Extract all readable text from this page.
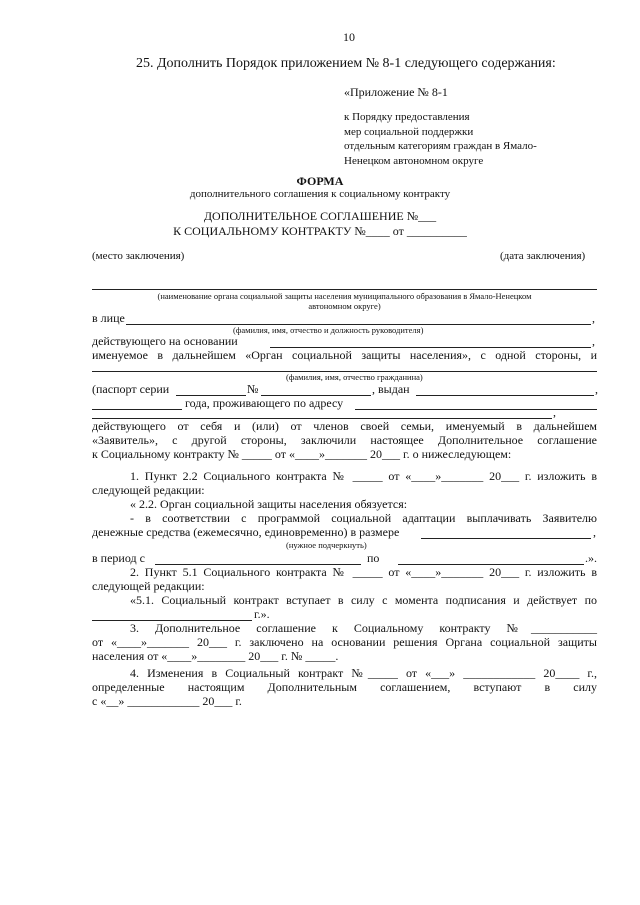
10
25. Дополнить Порядок приложением № 8-1 следующего содержания:
«Приложение № 8-1
к Порядку предоставления
мер социальной поддержки
отдельным категориям граждан в Ямало-
Ненецком автономном округе
ФОРМА
дополнительного соглашения к социальному контракту
ДОПОЛНИТЕЛЬНОЕ СОГЛАШЕНИЕ №___
К СОЦИАЛЬНОМУ КОНТРАКТУ №____ от __________
(место заключения)	(дата заключения)
(наименование органа социальной защиты населения муниципального образования в Ямало-Ненецком
автономном округе)
в лице	,
(фамилия, имя, отчество и должность руководителя)
действующего на основании	,
именуемое в дальнейшем «Орган социальной защиты населения», с одной стороны, и
(фамилия, имя, отчество гражданина)
(паспорт серии	№	, выдан	,
года, проживающего по адресу
,
действующего от себя и (или) от членов своей семьи, именуемый в дальнейшем
«Заявитель», с другой стороны, заключили настоящее Дополнительное соглашение
к Социальному контракту № _____ от «____»_______ 20___ г. о нижеследующем:
1. Пункт 2.2 Социального контракта № _____ от «____»_______ 20___ г. изложить в
следующей редакции:
« 2.2. Орган социальной защиты населения обязуется:
- в соответствии с программой социальной адаптации выплачивать Заявителю
денежные средства (ежемесячно, единовременно) в размере	,
(нужное подчеркнуть)
в период с	по	.».
2. Пункт 5.1 Социального контракта № _____ от «____»_______ 20___ г. изложить в
следующей редакции:
«5.1. Социальный контракт вступает в силу с момента подписания и действует по
г.».
3. Дополнительное соглашение к Социальному контракту №___________
от «____»_______ 20___ г. заключено на основании решения Органа социальной защиты
населения от «____»________ 20___ г. № _____.
4. Изменения в Социальный контракт №_____ от «___» ____________ 20____ г.,
определенные настоящим Дополнительным соглашением, вступают в силу
с «__» ____________ 20___ г.
